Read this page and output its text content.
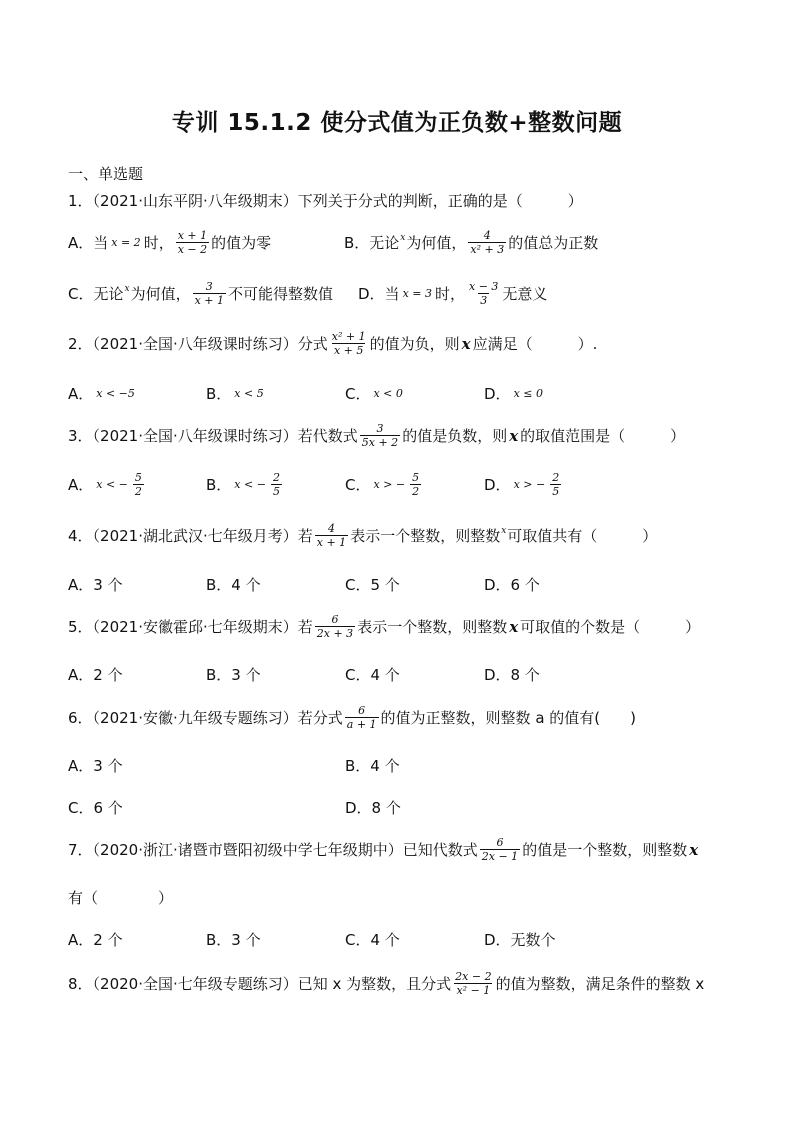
专训 15.1.2 使分式值为正负数+整数问题
一、单选题
1．（2021·山东平阴·八年级期末）下列关于分式的判断，正确的是（　　　）
A．当 x = 2 时， $\frac{x + 1}{x - 2}$ 的值为零	B．无论 x 为何值， $\frac{4}{\text{x² + 3}}$ 的值总为正数
C．无论 x 为何值， $\frac{3}{x + 1}$ 不可能得整数值 D．当 x = 3 时， $\frac{x - 3}{3}$ 无意义
2．（2021·全国·八年级课时练习）分式 $\frac{\text{x² + 1}}{x + 5}$ 的值为负，则 x 应满足（　　　）.
A． x < −5	B． x < 5	C． x < 0	D． x ≤ 0
3．（2021·全国·八年级课时练习）若代数式 $\frac{3}{5x + 2}$ 的值是负数，则 x 的取值范围是（　　　）
A． x < − $\frac{5}{2}$	B． x < − $\frac{2}{5}$	C． x > − $\frac{5}{2}$	D． x > − $\frac{2}{5}$
4．（2021·湖北武汉·七年级月考）若 $\frac{4}{x + 1}$ 表示一个整数，则整数 x 可取值共有（　　　）
A．3 个	B．4 个	C．5 个	D．6 个
5．（2021·安徽霍邱·七年级期末）若 $\frac{6}{2x + 3}$ 表示一个整数，则整数 x 可取值的个数是（　　　）
A．2 个	B．3 个	C．4 个	D．8 个
6．（2021·安徽·九年级专题练习）若分式 $\frac{6}{a + 1}$ 的值为正整数，则整数 a 的值有(　　)
A．3 个	B．4 个
C．6 个	D．8 个
7．（2020·浙江·诸暨市暨阳初级中学七年级期中）已知代数式 $\frac{6}{2x - 1}$ 的值是一个整数，则整数 x
有（　　　　）
A．2 个	B．3 个	C．4 个	D．无数个
8．（2020·全国·七年级专题练习）已知 x 为整数，且分式 $\frac{2x - 2}{\text{x² − 1}}$ 的值为整数，满足条件的整数 x
